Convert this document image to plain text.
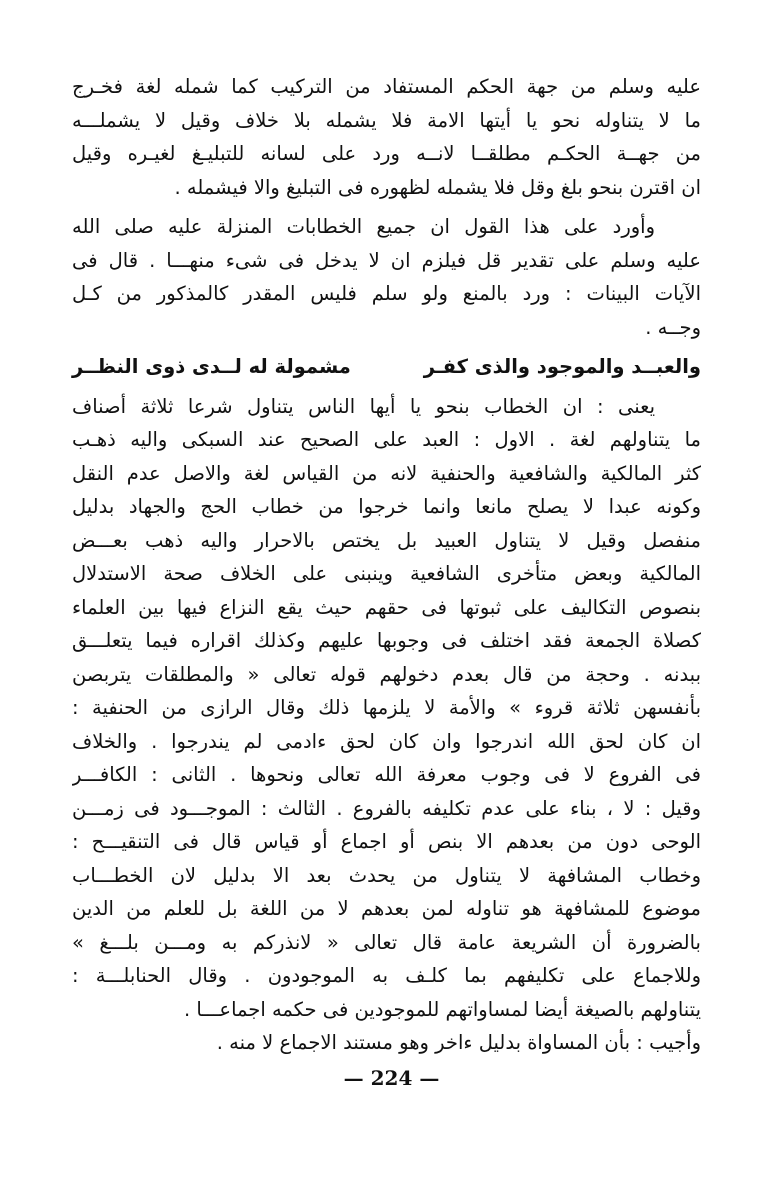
عليه وسلم من جهة الحكم المستفاد من التركيب كما شمله لغة فخـرج
ما لا يتناوله نحو يا أيتها الامة فلا يشمله بلا خلاف وقيل لا يشملـــه
من جهــة الحكـم مطلقــا لانــه ورد على لسانه للتبليـغ لغيـره وقيل
ان اقترن بنحو بلغ وقل فلا يشمله لظهوره فى التبليغ والا فيشمله .
وأورد على هذا القول ان جميع الخطابات المنزلة عليه صلى الله
عليه وسلم على تقدير قل فيلزم ان لا يدخل فى شىء منهـــا . قال فى
الآيات البينات : ورد بالمنع ولو سلم فليس المقدر كالمذكور من كـل
وجــه .
والعبــد والموجود والذى كفـر
مشمولة له لــدى ذوى النظــر
يعنى : ان الخطاب بنحو يا أيها الناس يتناول شرعا ثلاثة أصناف
ما يتناولهم لغة . الاول : العبد على الصحيح عند السبكى واليه ذهـب
كثر المالكية والشافعية والحنفية لانه من القياس لغة والاصل عدم النقل
وكونه عبدا لا يصلح مانعا وانما خرجوا من خطاب الحج والجهاد بدليل
منفصل وقيل لا يتناول العبيد بل يختص بالاحرار واليه ذهب بعـــض
المالكية وبعض متأخرى الشافعية وينبنى على الخلاف صحة الاستدلال
بنصوص التكاليف على ثبوتها فى حقهم حيث يقع النزاع فيها بين العلماء
كصلاة الجمعة فقد اختلف فى وجوبها عليهم وكذلك اقراره فيما يتعلـــق
ببدنه . وحجة من قال بعدم دخولهم قوله تعالى « والمطلقات يتربصن
بأنفسهن ثلاثة قروء » والأمة لا يلزمها ذلك وقال الرازى من الحنفية :
ان كان لحق الله اندرجوا وان كان لحق ءادمى لم يندرجوا . والخلاف
فى الفروع لا فى وجوب معرفة الله تعالى ونحوها . الثانى : الكافـــر
وقيل : لا ، بناء على عدم تكليفه بالفروع . الثالث : الموجـــود فى زمـــن
الوحى دون من بعدهم الا بنص أو اجماع أو قياس قال فى التنقيـــح :
وخطاب المشافهة لا يتناول من يحدث بعد الا بدليل لان الخطـــاب
موضوع للمشافهة هو تناوله لمن بعدهم لا من اللغة بل للعلم من الدين
بالضرورة أن الشريعة عامة قال تعالى « لانذركم به ومـــن بلـــغ »
وللاجماع على تكليفهم بما كلـف به الموجودون . وقال الحنابلـــة :
يتناولهم بالصيغة أيضا لمساواتهم للموجودين فى حكمه اجماعـــا .
وأجيب : بأن المساواة بدليل ءاخر وهو مستند الاجماع لا منه .
— 224 —
